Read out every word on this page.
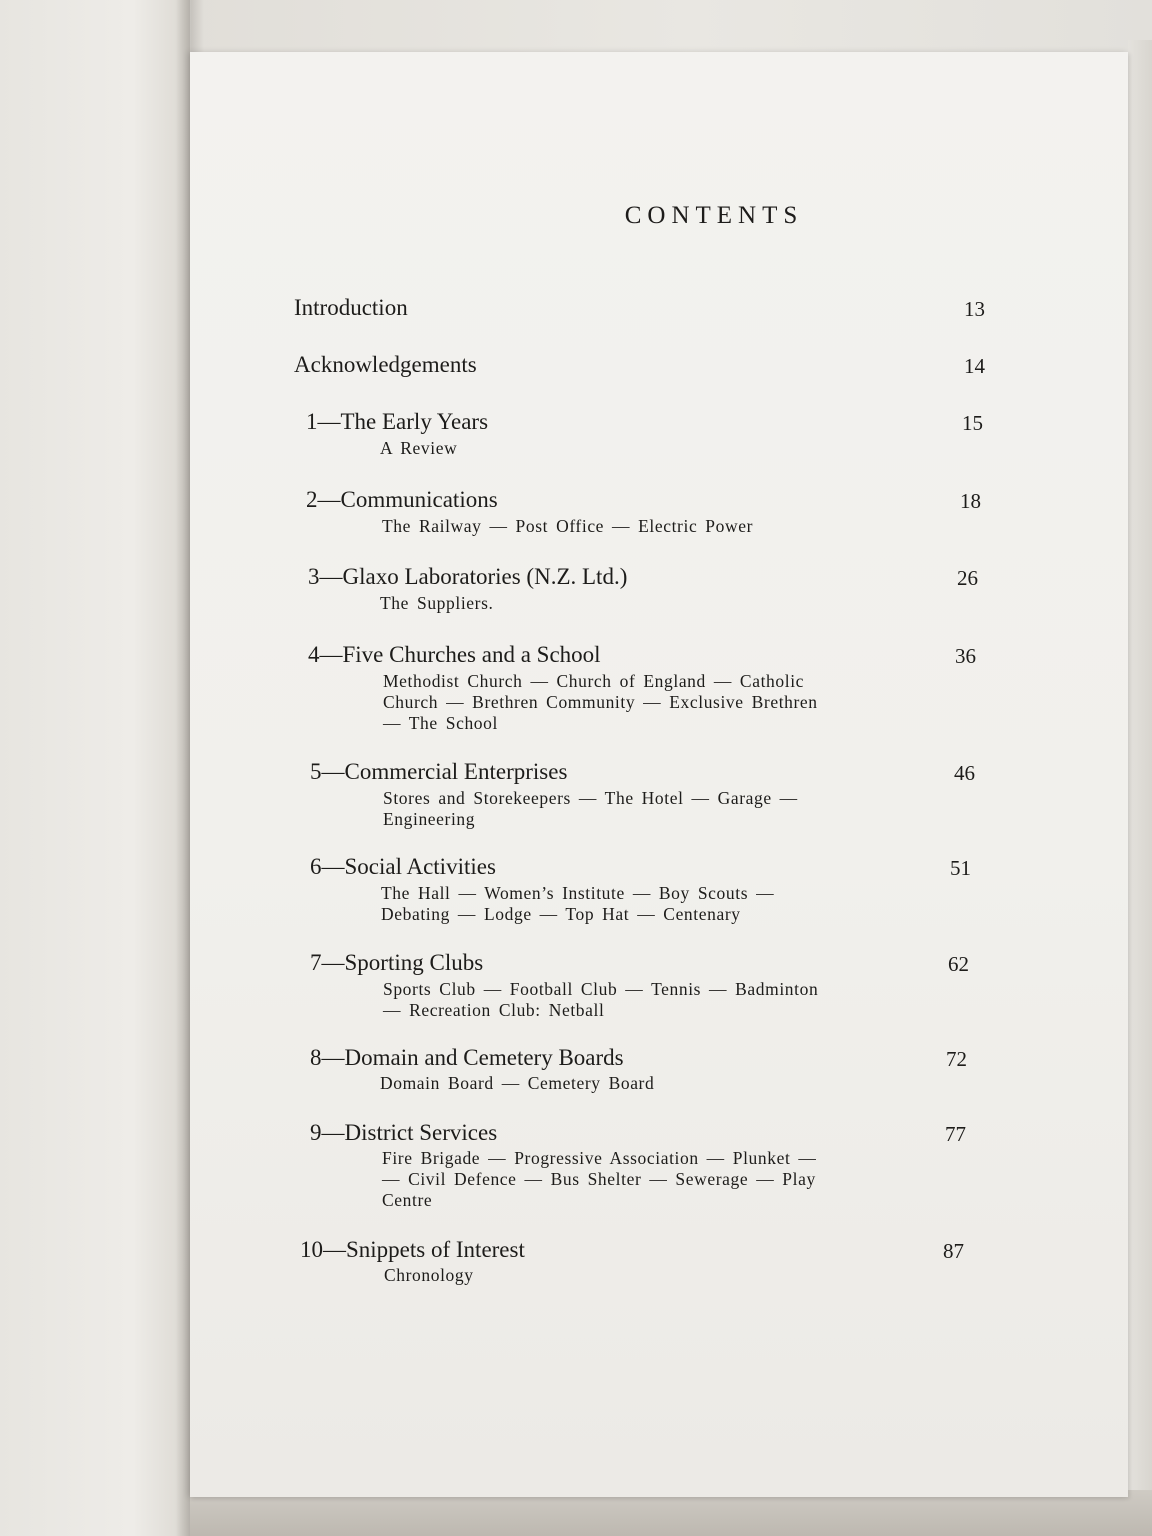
CONTENTS
Introduction	13
Acknowledgements	14
1—The Early Years	15
A Review
2—Communications	18
The Railway — Post Office — Electric Power
3—Glaxo Laboratories (N.Z. Ltd.)	26
The Suppliers.
4—Five Churches and a School	36
Methodist Church — Church of England — Catholic
Church — Brethren Community — Exclusive Brethren
— The School
5—Commercial Enterprises	46
Stores and Storekeepers — The Hotel — Garage —
Engineering
6—Social Activities	51
The Hall — Women’s Institute — Boy Scouts —
Debating — Lodge — Top Hat — Centenary
7—Sporting Clubs	62
Sports Club — Football Club — Tennis — Badminton
— Recreation Club: Netball
8—Domain and Cemetery Boards	72
Domain Board — Cemetery Board
9—District Services	77
Fire Brigade — Progressive Association — Plunket —
— Civil Defence — Bus Shelter — Sewerage — Play
Centre
10—Snippets of Interest	87
Chronology
